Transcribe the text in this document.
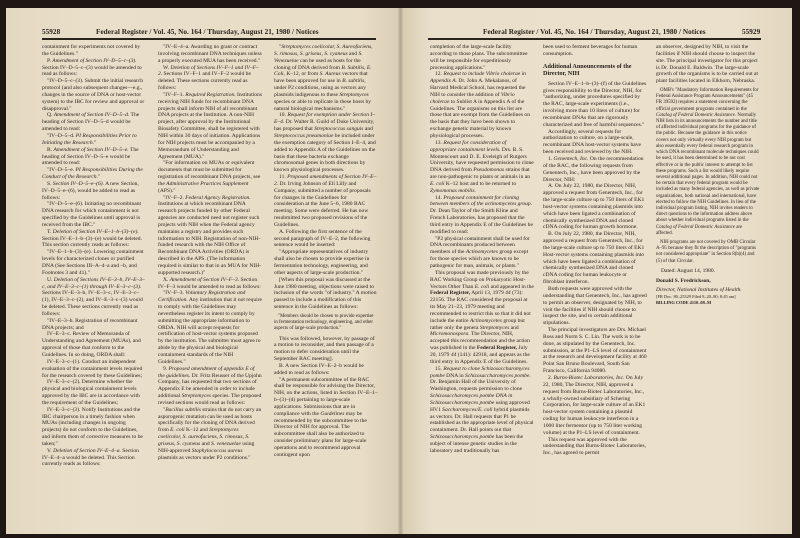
55928	Federal Register / Vol. 45, No. 164 / Thursday, August 21, 1980 / Notices	Federal Register / Vol. 45, No. 164 / Thursday, August 21, 1980 / Notices	55929

containment for experiments not covered by the Guidelines."

P. Amendment of Section IV–D–5–c–(3). Section IV–D–5–c–(3) would be amended to read as follows:

"IV–D–5–c–(3). Submit the initial research protocol (and also subsequent changes—e.g., changes in the source of DNA or host-vector system) to the IBC for review and approval or disapproval."

Q. Amendment of Section IV–D–5–d. The heading of Section IV–D–5–d would be amended to read:

"IV–D–5–d. PI Responsibilities Prior to Initiating the Research."

R. Amendment of Section IV–D–5–e. The heading of Section IV–D–5–e would be amended to read:

"IV–D–5–e. PI Responsibilities During the Conduct of the Research."

S. Section IV–D–5–e–(6). A new Section, IV–D–5–e–(6), would be added to read as follows:

"IV–D–5–e–(6). Initiating no recombinant DNA research for which containment is not specified by the Guidelines until approval is received from the IBC."

T. Deletion of Section IV–E–1–b–(3)–(e). Section IV–E–1–b–(3)–(e) would be deleted. This section currently reads as follows:

"IV–E–1–b–(3)–(e). Lowering containment levels for characterized clones or purified DNA (See Sections III–A–4–a and –b, and Footnotes 3 and 41)."

U. Deletion of Sections IV–E–3–b, IV–E–3–c, and IV–E–3–c–(1) through IV–E–3–c–(3). Sections IV–E–3–b, IV–E–3–c, IV–E–3–c–(1), IV–E–3–c–(2), and IV–E–3–c–(3) would be deleted. These sections currently read as follows:

"IV–E–3–b. Registration of recombinant DNA projects; and

IV–E–3–c. Review of Memoranda of Understanding and Agreement (MUAs), and approval of those that conform to the Guidelines. In so doing, ORDA shall:

IV–E–3–c–(1). Conduct an independent evaluation of the containment levels required for the research covered by these Guidelines;

IV–E–3–c–(2). Determine whether the physical and biological containment levels approved by the IBC are in accordance with the requirement of the Guidelines;

IV–E–3–c–(3). Notify Institutions and the IBC chairperson in a timely fashion when MUAs (including changes in ongoing projects) do not conform to the Guidelines, and inform them of corrective measures to be taken;"

V. Deletion of Section IV–E–4–a. Section IV–E–4–a would be deleted. This Section currently reads as follows:

"IV–E–4–a. Awarding no grant or contract involving recombinant DNA techniques unless a properly executed MUA has been received."

W. Deletion of Sections IV–F–1 and IV–F–2. Sections IV–F–1 and IV–F–2 would be deleted. These sections currently read as follows:

"IV–F–1. Required Registration. Institutions receiving NIH funds for recombinant DNA projects shall inform NIH of all recombinant DNA projects at the Institution. A non-NIH project, after approval by the Institutional Biosafety Committee, shall be registered with NIH within 30 days of initiation. Applications for NIH projects must be accompanied by a Memorandum of Understanding and Agreement (MUA)."

"For information on MUAs or equivalent documents that must be submitted for registration of recombinant DNA projects, see the Administrative Practices Supplement (APS)."

"IV–F–2. Federal Agency Registration. Institutions at which recombinant DNA research projects funded by other Federal agencies are conducted need not register such projects with NIH when the Federal agency maintains a registry and provides such information to NIH. Registration of non-NIH-funded research with the NIH Office of Recombinant DNA Activities (ORDA) is described in the APS. (The information required is similar to that in an MUA for NIH-supported research.)"

X. Amendment of Section IV–F–3. Section IV–F–3 would be amended to read as follows:

"IV–F–3. Voluntary Registration and Certification. Any institution that it not require to comply with the Guidelines may nevertheless register its intent to comply by submitting the appropriate information to ORDA. NIH will accept requests for certification of host-vector systems proposed by the institution. The submitter must agree to abide by the physical and biological containment standards of the NIH Guidelines."

9. Proposed amendment of appendix E of the guidelines. Dr. Fritz Reusser of the Upjohn Company, has requested that two sections of Appendix E be amended in order to include additional Streptomyces species. The proposed revised sections would read as follows:

"Bacillus subtilis strains that do not carry an asporogenic mutation can be used as hosts specifically for the cloning of DNA derived from E. coli K–12 and Streptomyces coelicolor, S. aureofaciens, S. rimosus, S. griseus, S. cyaneus and S. venezuelae using NIH-approved Staphylococcus aureus plasmids as vectors under P2 conditions."

"Streptomyces coelicolar, S. Aureofaciens, S. rimosus, S. griseus, S. cyaneus and S. Venezuelae can be used as hosts for the cloning of DNA derived from B. Subtilis, E. Coli, K–12, or from S. Aureus vectors that have been approved for use in B. subtilis, under P2 conditions, using as vectors any plasmids indigenous to these Streptomyces species or able to replicate in these hosts by natural biological mechanisms."

10. Request for exemption under Section I–E–4. Dr. Walter R. Guild of Duke University, has proposed that Streptococcus sanguis and Streptococcus pneumoniae be included under the exemption category of Section I–E–4, and added to Appendix A of the Guidelines on the basis that these bacteria exchange chromosomal genes in both directions by known physiological processes.

11. Proposed amendments of Section IV–E–2. Dr. Irving Johnson of Eli Lilly and Company, submitted a number of proposals for changes in the Guidelines for consideration at the June 5–6, 1980 RAC meeting. Some were deferred. He has now resubmitted two proposed revisions of the Guidelines.

A. Following the first sentence of the second paragraph of IV–E–2, the following sentence would be inserted:

"Appropriate representatives of industry shall also be chosen to provide expertise in fermentation technology, engineering, and other aspects of large-scale production."

[When this proposal was discussed at the June 1980 meeting, objections were raised to inclusion of the words "of industry." A motion passed to include a modification of this sentence in the Guidelines as follows:

"Members should be chosen to provide expertise in fermentation technology, engineering, and other aspects of large-scale production."

This was followed, however, by passage of a motion to reconsider, and then passage of a motion to defer consideration until the September RAC meeting].

B. A new Section IV–E–2–b would be added to read as follows:

"A permanent subcommittee of the RAC shall be responsible for advising the Director, NIH, on the actions, listed in Section IV–E–1–b–(3)–(d) pertaining to large-scale applications. Submissions that are in compliance with the Guidelines may be recommended by the subcommittee to the Director of NIH for approval. The subcommittee shall also be authorized to consider preliminary plans for large-scale operations and to recommend approval contingent upon

completion of the large-scale facility according to those plans. The subcommittee will be responsible for expeditiously processing applications."

12. Request to include Vibrio cholerae in Appendix A. Dr. John A. Mekalanos, of Harvard Medical School, has requested the NIH to consider the addition of Vibrio cholerae to Sublist A in Appendix A of the Guidelines. The organisms on this list are those that are exempt from the Guidelines on the basis that they have been shown to exchange genetic material by known physiological processes.

13. Request for consideration of appropriate containment levels. Drs. B. S. Montencourt and D. E. Eveleigh of Rutgers University, have requested permission to clone DNA derived from Pseudomonas strains that are non-pathogenic to plants or animals in an E. coli K–12 host and to be returned to Zymomonas mobilis.

14. Proposed containment for cloning between members of the actinomycetes group. Dr. Dean Taylor of the Smith Kline and French Laboratories, has proposed that the third entry in Appendix E of the Guidelines be modified to read:

"P2 physical containment shall be used for DNA recombinants produced between members of the Actinomycetes group except for those species which are known to be pathogenic for man, animals, or plants."

This proposal was made previously by the RAC Working Group on Prokaryotic Host-Vectors Other Than E. coli and appeared in the Federal Register, April 13, 1979 44 (73): 22156. The RAC considered the proposal at its May 21–23, 1979 meeting and recommended to restrict this so that it did not include the entire Actinomycetes group but rather only the genera Streptomyces and Micromonospora. The Director, NIH, accepted this recommendation and the action was published in the Federal Register, July 20, 1979 44 (141): 42918, and appears as the third entry in Appendix E of the Guidelines.

15. Request to clone Schizosaccharomyces pombe DNA in Schizosaccharomyces pombe. Dr. Benjamin Hall of the University of Washington, requests permission to clone Schizosaccharomyces pombe DNA in Schizosaccharomyces pombe using approved HV1 Saccharomyces/E. coli hybrid plasmids as vectors. Dr. Hall requests that P1 be established as the appropriate level of physical containment. Dr. Hall points out that Schizosaccharomyces pombe has been the subject of intense genetic studies in the laboratory and traditionally has

been used to ferment beverages for human consumption.

Additional Announcements of the Director, NIH

Section IV–E–1–b–(3)–(f) of the Guidelines gives responsibility to the Director, NIH, for "authorizing, under procedures specified by the RAC, large-scale experiments (i.e., involving more than 10 liters of culture) for recombinant DNAs that are rigorously characterized and free of harmful sequences."

Accordingly, several requests for authorization to culture, on a large-scale, recombinant DNA host-vector systems have been received and reviewed by the NIH.

1. Genentech, Inc. On the recommendation of the RAC, the following requests from Genentech, Inc., have been approved by the Director, NIH:

A. On July 22, 1980, the Director, NIH, approved a request from Genentech, Inc., for the large-scale culture up to 750 liters of EK1 host-vector systems containing plasmids into which have been ligated a combination of chemically synthesized DNA and cloned cDNA coding for human growth hormone.

B. On July 22, 1980, the Director, NIH, approved a request from Genentech, Inc., for the large-scale culture up to 750 liters of EK1 Host-vector systems containing plasmids into which have been ligated a combination of chemically synthesized DNA and cloned cDNA coding for human leukocyte or fibroblast interferon.

Both requests were approved with the understanding that Genentech, Inc., has agreed to permit an observer, designated by NIH, to visit the facilities if NIH should choose to inspect the site, and to certain additional stipulations.

The principal investigators are Drs. Michael Ross and Norm S. C. Lin. The work is to be done, as stipulated by the Genentech, Inc. submission, at the P1–LS level of containment at the research and development facility at 460 Point San Bruno Boulevard, South San Francisco, California 94080.

2. Burns-Biotec Laboratories, Inc. On July 22, 1980, The Director, NIH, approved a request from Burns-Biotec Laboratories, Inc., a wholly-owned subsidiary of Schering Corporation, for large-scale culture of an EK1 host-vector system containing a plasmid coding for human leukocyte interferon in a 1000 liter fermentor (up to 750 liter working volume) at the P1–LS level of containment.

This request was approved with the understanding that Burns-Biotec Laboratories, Inc., has agreed to permit

an observer, designed by NIH, to visit the facilities if NIH should choose to inspect the site. The principal investigator for this project is Dr. Donald E. Baldwin. The large-scale growth of the organisms is to be carried out at plant facilities located in Elkhorn, Nebraska.

OMB's "Mandatory Information Requirements for Federal Assistance Program Announcements" (45 FR 39592) requires a statement concerning the official government programs contained in the Catalog of Federal Domestic Assistance. Normally NIH lists in its announcements the number and title of affected individual programs for the guidance of the public. Because the guidance in this notice covers not only virtually every NIH program but also essentially every federal research program in which DNA recombinant molecule techniques could be used, it has been determined to be not cost effective or in the public interest to attempt to list these programs. Such a list would likely require several additional pages. In addition, NIH could not be certain that every federal program would be included as many federal agencies, as well as private organizations, both national and international, have elected to follow the NIH Guidelines. In lieu of the individual program listing, NIH invites readers to direct questions to the information address above about whether individual programs listed in the Catalog of Federal Domestic Assistance are affected.

NIH programs are not covered by OMB Circular A–95 because they fit the description of "programs not considered appropriate" in Section 8(b)(4) and (5) of that Circular.

Dated: August 14, 1980.

Donald S. Fredrickson,

Director, National Institutes of Health.

[FR Doc. 80–25329 Filed 8–20–80; 8:45 am]

BILLING CODE 4110–08–M
